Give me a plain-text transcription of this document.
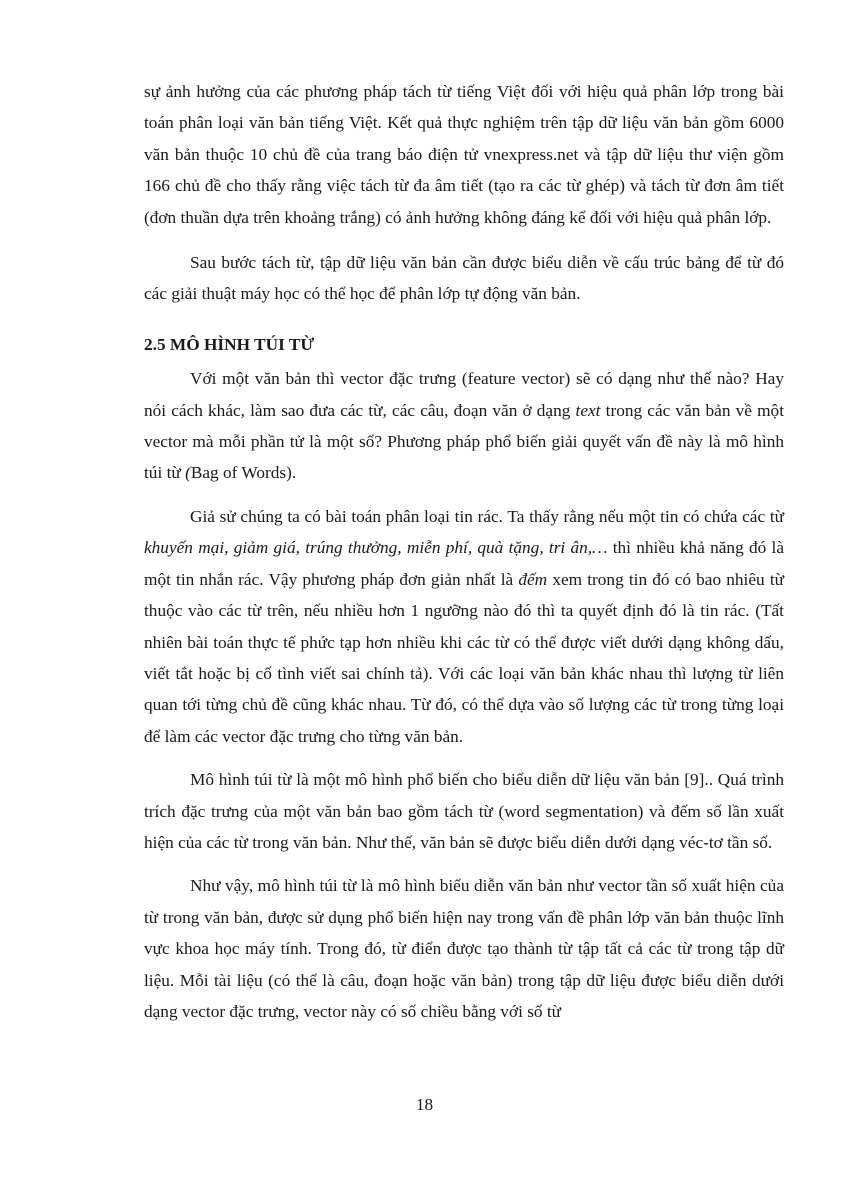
sự ảnh hưởng của các phương pháp tách từ tiếng Việt đối với hiệu quả phân lớp trong bài toán phân loại văn bản tiếng Việt. Kết quả thực nghiệm trên tập dữ liệu văn bản gồm 6000 văn bản thuộc 10 chủ đề của trang báo điện tử vnexpress.net và tập dữ liệu thư viện gồm 166 chủ đề cho thấy rằng việc tách từ đa âm tiết (tạo ra các từ ghép) và tách từ đơn âm tiết (đơn thuần dựa trên khoảng trắng) có ảnh hưởng không đáng kể đối với hiệu quả phân lớp.

Sau bước tách từ, tập dữ liệu văn bản cần được biểu diễn về cấu trúc bảng để từ đó các giải thuật máy học có thể học để phân lớp tự động văn bản.

2.5 MÔ HÌNH TÚI TỪ

Với một văn bản thì vector đặc trưng (feature vector) sẽ có dạng như thế nào? Hay nói cách khác, làm sao đưa các từ, các câu, đoạn văn ở dạng text trong các văn bản về một vector mà mỗi phần tử là một số? Phương pháp phổ biến giải quyết vấn đề này là mô hình túi từ (Bag of Words).

Giả sử chúng ta có bài toán phân loại tin rác. Ta thấy rằng nếu một tin có chứa các từ khuyến mại, giảm giá, trúng thưởng, miễn phí, quà tặng, tri ân,… thì nhiều khả năng đó là một tin nhắn rác. Vậy phương pháp đơn giản nhất là đếm xem trong tin đó có bao nhiêu từ thuộc vào các từ trên, nếu nhiều hơn 1 ngưỡng nào đó thì ta quyết định đó là tin rác. (Tất nhiên bài toán thực tế phức tạp hơn nhiều khi các từ có thể được viết dưới dạng không dấu, viết tắt hoặc bị cố tình viết sai chính tả). Với các loại văn bản khác nhau thì lượng từ liên quan tới từng chủ đề cũng khác nhau. Từ đó, có thể dựa vào số lượng các từ trong từng loại để làm các vector đặc trưng cho từng văn bản.

Mô hình túi từ là một mô hình phổ biến cho biểu diễn dữ liệu văn bản [9].. Quá trình trích đặc trưng của một văn bản bao gồm tách từ (word segmentation) và đếm số lần xuất hiện của các từ trong văn bản. Như thế, văn bản sẽ được biểu diễn dưới dạng véc-tơ tần số.

Như vậy, mô hình túi từ là mô hình biểu diễn văn bản như vector tần số xuất hiện của từ trong văn bản, được sử dụng phổ biến hiện nay trong vấn đề phân lớp văn bản thuộc lĩnh vực khoa học máy tính. Trong đó, từ điển được tạo thành từ tập tất cả các từ trong tập dữ liệu. Mỗi tài liệu (có thể là câu, đoạn hoặc văn bản) trong tập dữ liệu được biểu diễn dưới dạng vector đặc trưng, vector này có số chiều bằng với số từ

18
